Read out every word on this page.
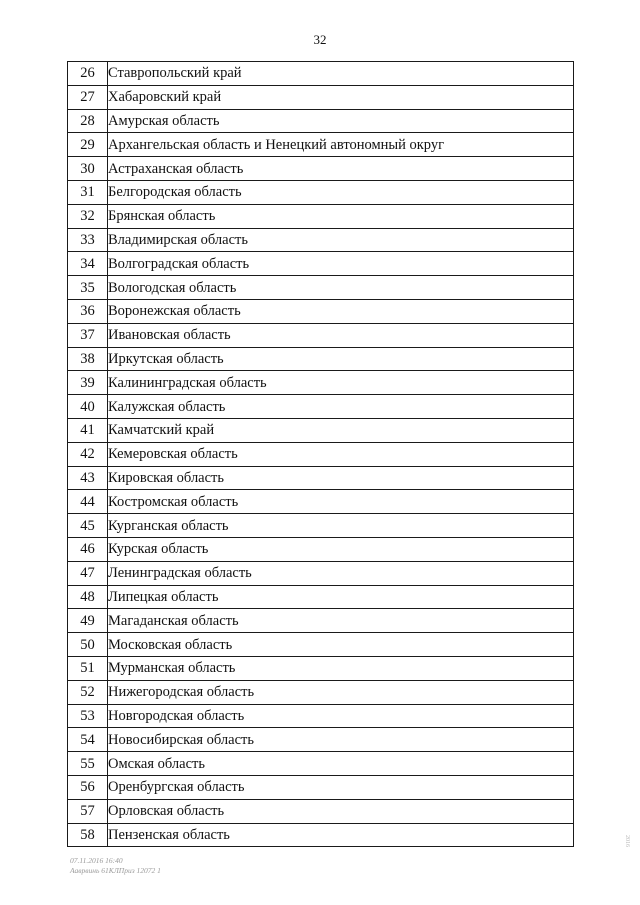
32
26	Ставропольский край
27	Хабаровский край
28	Амурская область
29	Архангельская область и Ненецкий автономный округ
30	Астраханская область
31	Белгородская область
32	Брянская область
33	Владимирская область
34	Волгоградская область
35	Вологодская область
36	Воронежская область
37	Ивановская область
38	Иркутская область
39	Калининградская область
40	Калужская область
41	Камчатский край
42	Кемеровская область
43	Кировская область
44	Костромская область
45	Курганская область
46	Курская область
47	Ленинградская область
48	Липецкая область
49	Магаданская область
50	Московская область
51	Мурманская область
52	Нижегородская область
53	Новгородская область
54	Новосибирская область
55	Омская область
56	Оренбургская область
57	Орловская область
58	Пензенская область
07.11.2016 16:40
Ааврвинь 61КЛПриз 12072 1
2016
